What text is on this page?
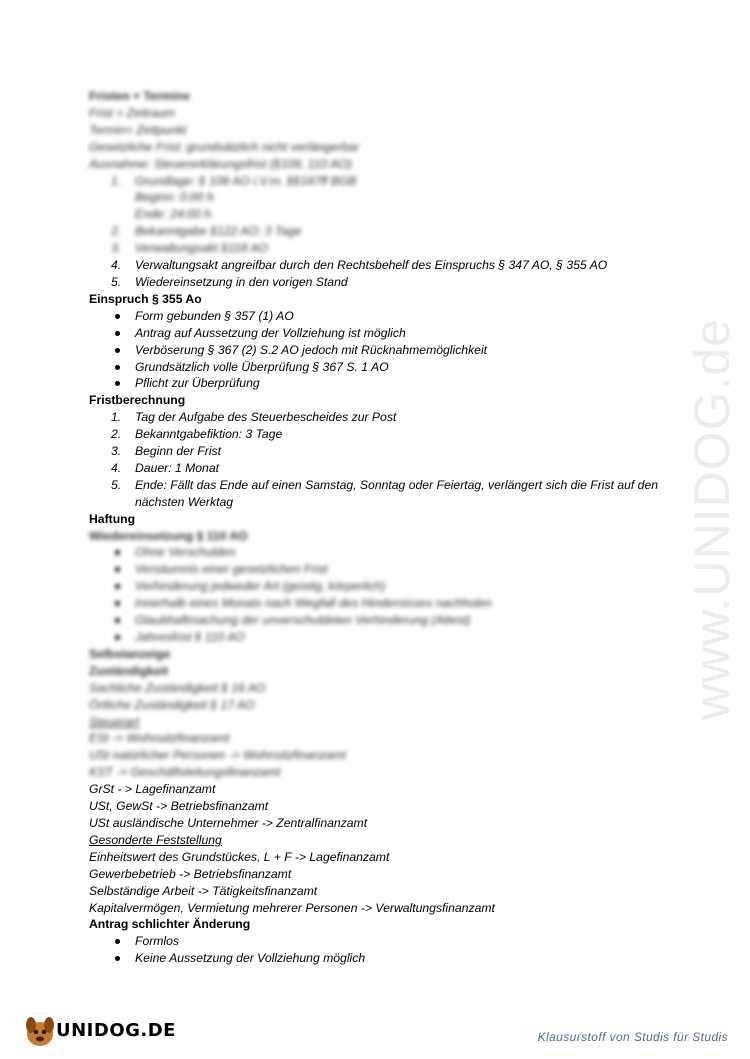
www.UNIDOG.de
Fristen + Termine
Frist = Zeitraum
Termin= Zeitpunkt
Gesetzliche Frist: grundsätzlich nicht verlängerbar
Ausnahme: Steuererklärungsfrist (§109, 110 AO)
1. Grundlage: § 108 AO i.V.m. §§187ff BGB
Beginn: 0:00 h
Ende: 24:00 h
2. Bekanntgabe §122 AO: 3 Tage
3. Verwaltungsakt §118 AO
4. Verwaltungsakt angreifbar durch den Rechtsbehelf des Einspruchs § 347 AO, § 355 AO
5. Wiedereinsetzung in den vorigen Stand
Einspruch § 355 Ao
Form gebunden § 357 (1) AO
Antrag auf Aussetzung der Vollziehung ist möglich
Verböserung § 367 (2) S.2 AO jedoch mit Rücknahmemöglichkeit
Grundsätzlich volle Überprüfung § 367 S. 1 AO
Pflicht zur Überprüfung
Fristberechnung
1. Tag der Aufgabe des Steuerbescheides zur Post
2. Bekanntgabefiktion: 3 Tage
3. Beginn der Frist
4. Dauer: 1 Monat
5. Ende: Fällt das Ende auf einen Samstag, Sonntag oder Feiertag, verlängert sich die Frist auf den nächsten Werktag
Haftung
Wiedereinsetzung § 110 AO
Ohne Verschulden
Versäumnis einer gesetzlichen Frist
Verhinderung jedweder Art (geistig, körperlich)
Innerhalb eines Monats nach Wegfall des Hindernisses nachholen
Glaubhaftmachung der unverschuldeten Verhinderung (Attest)
Jahresfrist § 110 AO
Selbstanzeige
Zuständigkeit
Sachliche Zuständigkeit § 16 AO
Örtliche Zuständigkeit § 17 AO
Steuerart
ESt -> Wohnsitzfinanzamt
USt natürlicher Personen -> Wohnsitzfinanzamt
KST -> Geschäftsleitungsfinanzamt
GrSt - > Lagefinanzamt
USt, GewSt -> Betriebsfinanzamt
USt ausländische Unternehmer -> Zentralfinanzamt
Gesonderte Feststellung
Einheitswert des Grundstückes, L + F -> Lagefinanzamt
Gewerbebetrieb -> Betriebsfinanzamt
Selbständige Arbeit -> Tätigkeitsfinanzamt
Kapitalvermögen, Vermietung mehrerer Personen -> Verwaltungsfinanzamt
Antrag schlichter Änderung
Formlos
Keine Aussetzung der Vollziehung möglich
UNIDOG.DE	Klausurstoff von Studis für Studis
